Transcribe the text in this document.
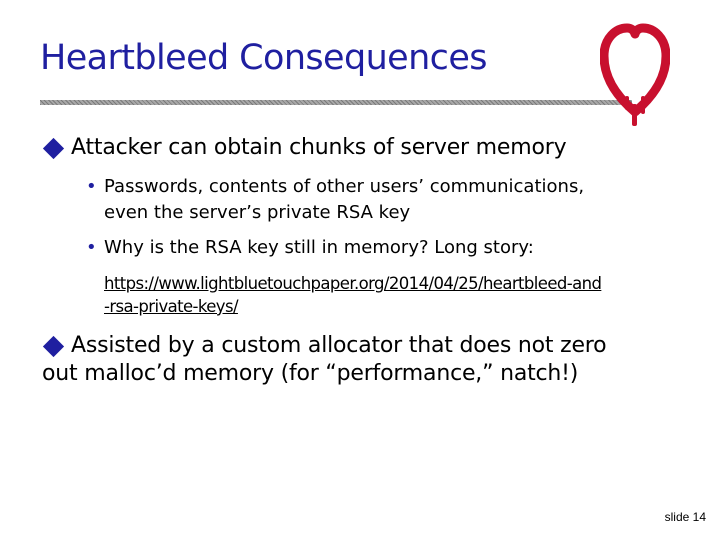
Heartbleed Consequences

Attacker can obtain chunks of server memory

• Passwords, contents of other users’ communications,
even the server’s private RSA key

• Why is the RSA key still in memory? Long story:

https://www.lightbluetouchpaper.org/2014/04/25/heartbleed-and
-rsa-private-keys/

Assisted by a custom allocator that does not zero
out malloc’d memory (for “performance,” natch!)

slide 14
